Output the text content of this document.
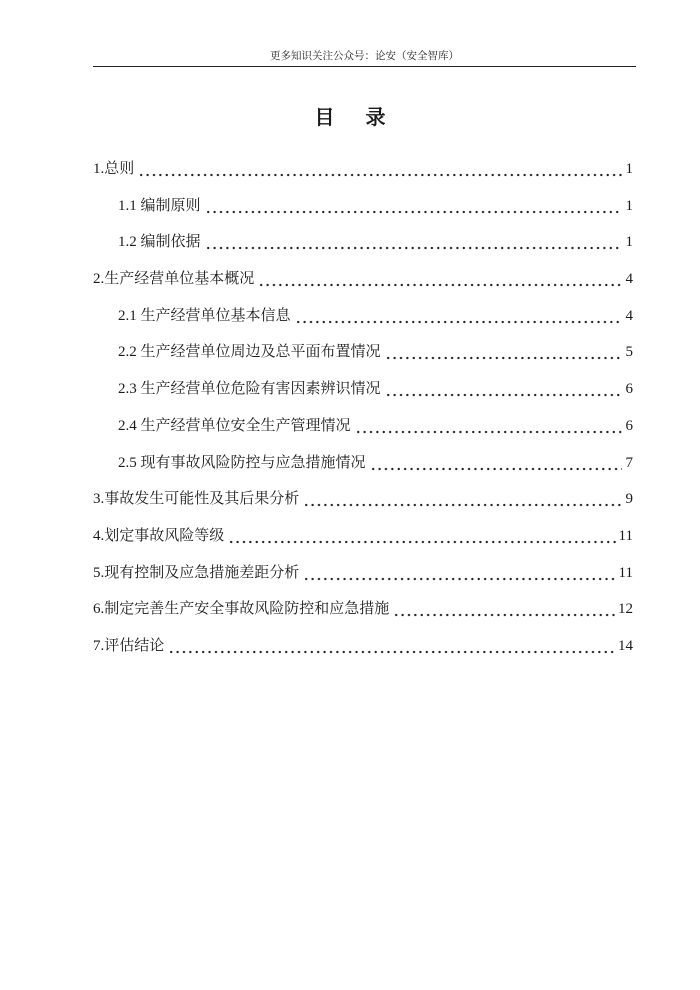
更多知识关注公众号：论安（安全智库）
目 录
1.总则	1
1.1 编制原则	1
1.2 编制依据	1
2.生产经营单位基本概况	4
2.1 生产经营单位基本信息	4
2.2 生产经营单位周边及总平面布置情况	5
2.3 生产经营单位危险有害因素辨识情况	6
2.4 生产经营单位安全生产管理情况	6
2.5 现有事故风险防控与应急措施情况	7
3.事故发生可能性及其后果分析	9
4.划定事故风险等级	11
5.现有控制及应急措施差距分析	11
6.制定完善生产安全事故风险防控和应急措施	12
7.评估结论	14
